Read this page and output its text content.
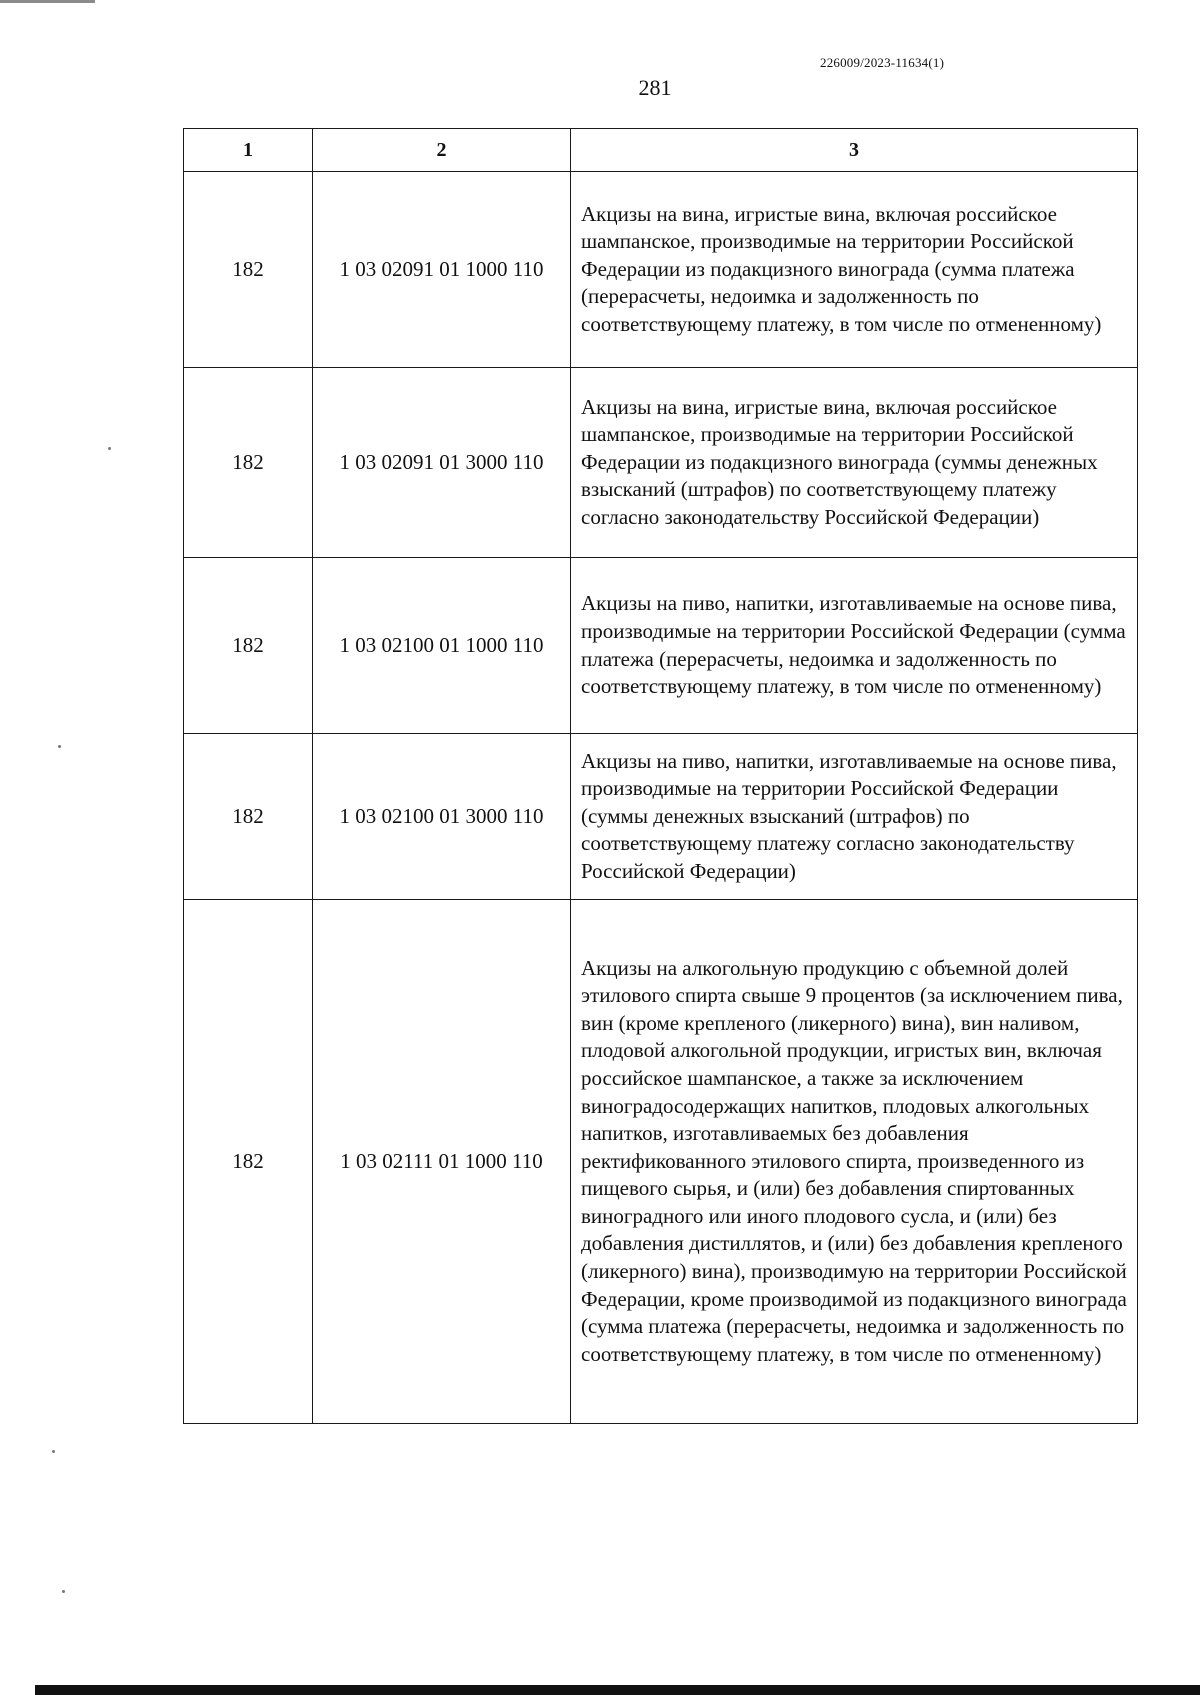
226009/2023-11634(1)
281
1	2	3
182	1 03 02091 01 1000 110	Акцизы на вина, игристые вина, включая российское шампанское, производимые на территории Российской Федерации из подакцизного винограда (сумма платежа (перерасчеты, недоимка и задолженность по соответствующему платежу, в том числе по отмененному)
182	1 03 02091 01 3000 110	Акцизы на вина, игристые вина, включая российское шампанское, производимые на территории Российской Федерации из подакцизного винограда (суммы денежных взысканий (штрафов) по соответствующему платежу согласно законодательству Российской Федерации)
182	1 03 02100 01 1000 110	Акцизы на пиво, напитки, изготавливаемые на основе пива, производимые на территории Российской Федерации (сумма платежа (перерасчеты, недоимка и задолженность по соответствующему платежу, в том числе по отмененному)
182	1 03 02100 01 3000 110	Акцизы на пиво, напитки, изготавливаемые на основе пива, производимые на территории Российской Федерации (суммы денежных взысканий (штрафов) по соответствующему платежу согласно законодательству Российской Федерации)
182	1 03 02111 01 1000 110	Акцизы на алкогольную продукцию с объемной долей этилового спирта свыше 9 процентов (за исключением пива, вин (кроме крепленого (ликерного) вина), вин наливом, плодовой алкогольной продукции, игристых вин, включая российское шампанское, а также за исключением виноградосодержащих напитков, плодовых алкогольных напитков, изготавливаемых без добавления ректификованного этилового спирта, произведенного из пищевого сырья, и (или) без добавления спиртованных виноградного или иного плодового сусла, и (или) без добавления дистиллятов, и (или) без добавления крепленого (ликерного) вина), производимую на территории Российской Федерации, кроме производимой из подакцизного винограда (сумма платежа (перерасчеты, недоимка и задолженность по соответствующему платежу, в том числе по отмененному)
